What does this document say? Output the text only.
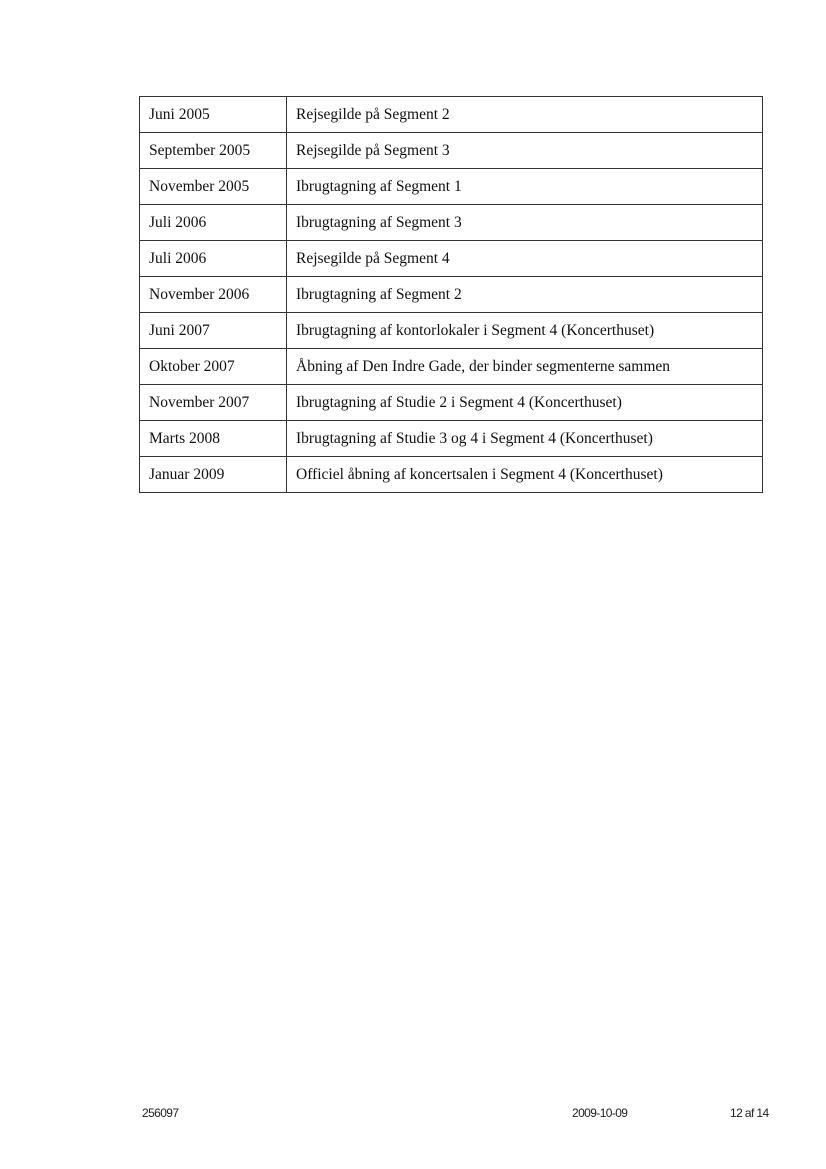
Juni 2005	Rejsegilde på Segment 2
September 2005	Rejsegilde på Segment 3
November 2005	Ibrugtagning af Segment 1
Juli 2006	Ibrugtagning af Segment 3
Juli 2006	Rejsegilde på Segment 4
November 2006	Ibrugtagning af Segment 2
Juni 2007	Ibrugtagning af kontorlokaler i Segment 4 (Koncerthuset)
Oktober 2007	Åbning af Den Indre Gade, der binder segmenterne sammen
November 2007	Ibrugtagning af Studie 2 i Segment 4 (Koncerthuset)
Marts 2008	Ibrugtagning af Studie 3 og 4 i Segment 4 (Koncerthuset)
Januar 2009	Officiel åbning af koncertsalen i Segment 4 (Koncerthuset)
256097	2009-10-09	12 af 14
